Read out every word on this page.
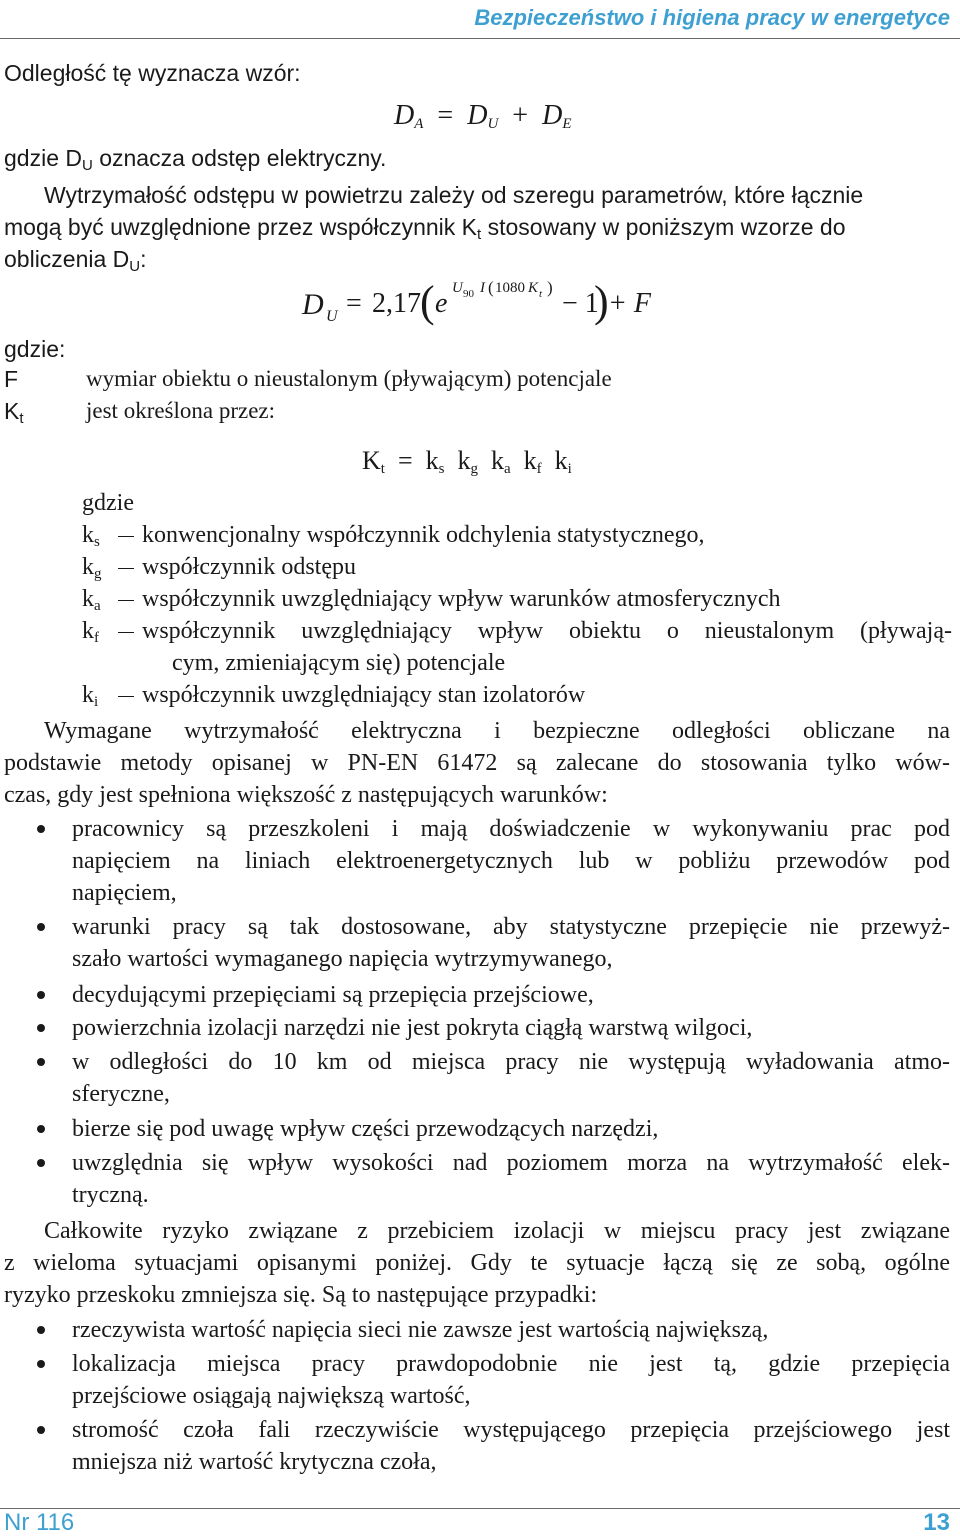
Bezpieczeństwo i higiena pracy w energetyce
Odległość tę wyznacza wzór:
$D_A = D_U + D_E$
gdzie $D_U$ oznacza odstęp elektryczny.
Wytrzymałość odstępu w powietrzu zależy od szeregu parametrów, które łącznie
mogą być uwzględnione przez współczynnik $K_t$ stosowany w poniższym wzorze do
obliczenia $D_U$:
D U = 2,17 ( e U 90 I ( 1080 K t )
− 1
) + F
gdzie:
F	wymiar obiektu o nieustalonym (pływającym) potencjale
$K_t$	jest określona przez:
$K_t = k_s$ $k_g$ $k_a$ $k_f$ $k_i$
gdzie
$k_s$ konwencjonalny współczynnik odchylenia statystycznego,
$k_g$ współczynnik odstępu
$k_a$ współczynnik uwzględniający wpływ warunków atmosferycznych
$k_f$ współczynnik uwzględniający wpływ obiektu o nieustalonym (pływają-
cym, zmieniającym się) potencjale
$k_i$ współczynnik uwzględniający stan izolatorów
Wymagane wytrzymałość elektryczna i bezpieczne odległości obliczane na
podstawie metody opisanej w PN-EN 61472 są zalecane do stosowania tylko wów-
czas, gdy jest spełniona większość z następujących warunków:
pracownicy są przeszkoleni i mają doświadczenie w wykonywaniu prac pod
napięciem na liniach elektroenergetycznych lub w pobliżu przewodów pod
napięciem,
warunki pracy są tak dostosowane, aby statystyczne przepięcie nie przewyż-
szało wartości wymaganego napięcia wytrzymywanego,
decydującymi przepięciami są przepięcia przejściowe,
powierzchnia izolacji narzędzi nie jest pokryta ciągłą warstwą wilgoci,
w odległości do 10 km od miejsca pracy nie występują wyładowania atmo-
sferyczne,
bierze się pod uwagę wpływ części przewodzących narzędzi,
uwzględnia się wpływ wysokości nad poziomem morza na wytrzymałość elek-
tryczną.
Całkowite ryzyko związane z przebiciem izolacji w miejscu pracy jest związane
z wieloma sytuacjami opisanymi poniżej. Gdy te sytuacje łączą się ze sobą, ogólne
ryzyko przeskoku zmniejsza się. Są to następujące przypadki:
rzeczywista wartość napięcia sieci nie zawsze jest wartością największą,
lokalizacja miejsca pracy prawdopodobnie nie jest tą, gdzie przepięcia
przejściowe osiągają największą wartość,
stromość czoła fali rzeczywiście występującego przepięcia przejściowego jest
mniejsza niż wartość krytyczna czoła,
Nr 116	13
